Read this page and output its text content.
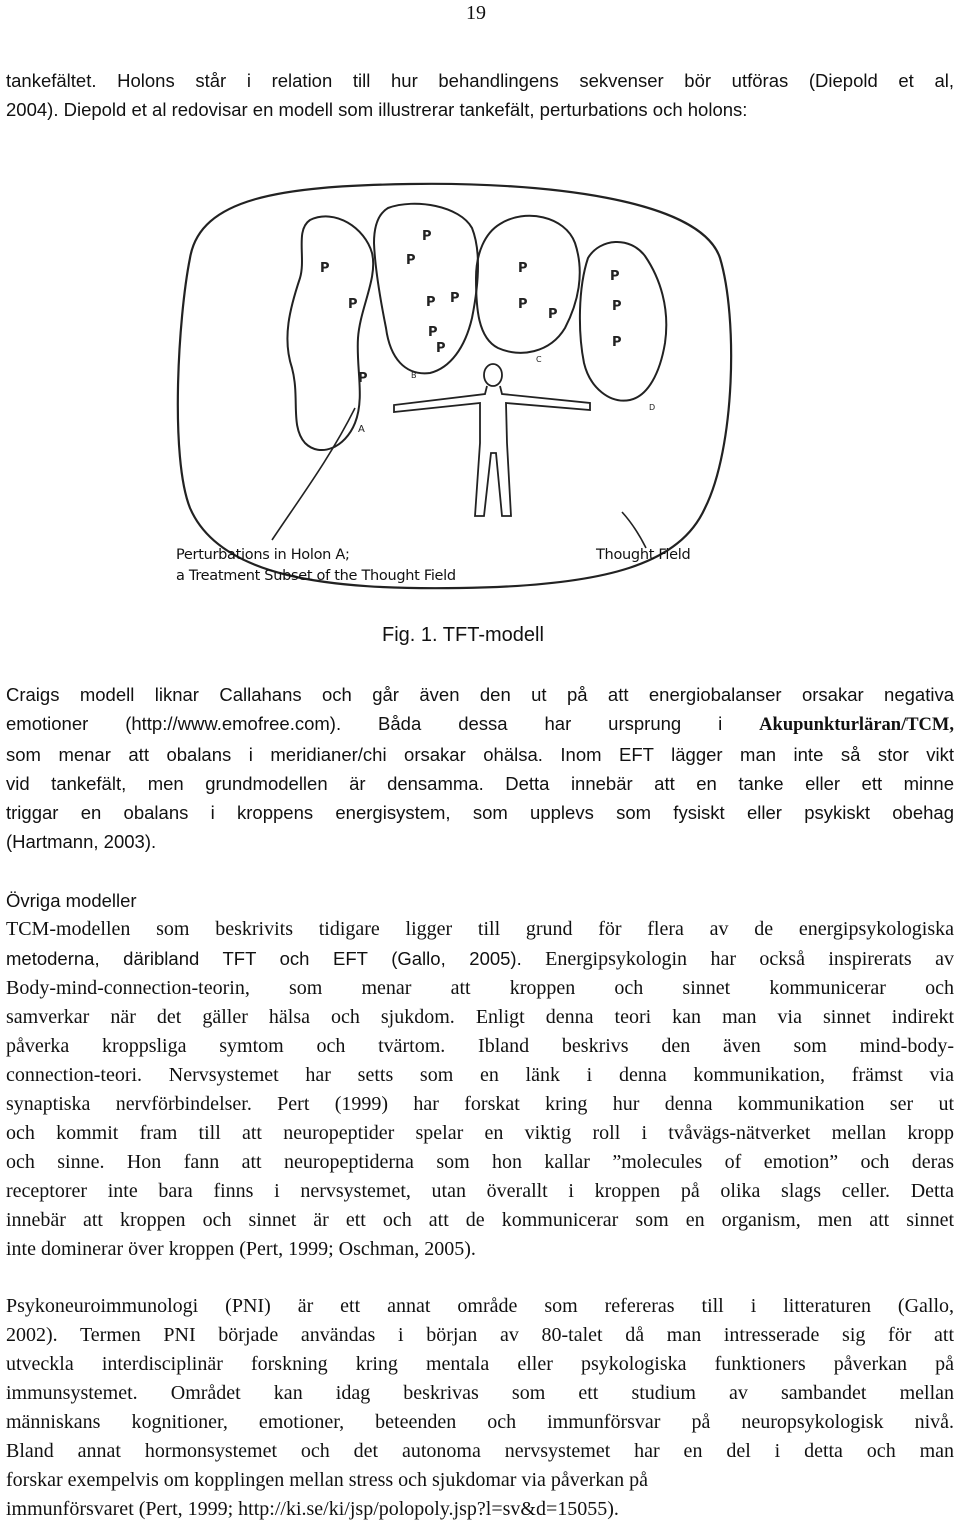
19
tankefältet. Holons står i relation till hur behandlingens sekvenser bör utföras (Diepold et al,
2004). Diepold et al redovisar en modell som illustrerar tankefält, perturbations och holons:
P
P
P
P
P
P P
P
P
P
P
P
P
P
P
A
B
C
D
Perturbations in Holon A;
a Treatment Subset of the Thought Field
Thought Field
Fig. 1. TFT-modell
Craigs modell liknar Callahans och går även den ut på att energiobalanser orsakar negativa
emotioner (http://www.emofree.com). Båda dessa har ursprung i Akupunkturläran/TCM,
som menar att obalans i meridianer/chi orsakar ohälsa. Inom EFT lägger man inte så stor vikt
vid tankefält, men grundmodellen är densamma. Detta innebär att en tanke eller ett minne
triggar en obalans i kroppens energisystem, som upplevs som fysiskt eller psykiskt obehag
(Hartmann, 2003).
Övriga modeller
TCM-modellen som beskrivits tidigare ligger till grund för flera av de energipsykologiska
metoderna, däribland TFT och EFT (Gallo, 2005). Energipsykologin har också inspirerats av
Body-mind-connection-teorin, som menar att kroppen och sinnet kommunicerar och
samverkar när det gäller hälsa och sjukdom. Enligt denna teori kan man via sinnet indirekt
påverka kroppsliga symtom och tvärtom. Ibland beskrivs den även som mind-body-
connection-teori. Nervsystemet har setts som en länk i denna kommunikation, främst via
synaptiska nervförbindelser. Pert (1999) har forskat kring hur denna kommunikation ser ut
och kommit fram till att neuropeptider spelar en viktig roll i tvåvägs-nätverket mellan kropp
och sinne. Hon fann att neuropeptiderna som hon kallar ”molecules of emotion” och deras
receptorer inte bara finns i nervsystemet, utan överallt i kroppen på olika slags celler. Detta
innebär att kroppen och sinnet är ett och att de kommunicerar som en organism, men att sinnet
inte dominerar över kroppen (Pert, 1999; Oschman, 2005).
Psykoneuroimmunologi (PNI) är ett annat område som refereras till i litteraturen (Gallo,
2002). Termen PNI började användas i början av 80-talet då man intresserade sig för att
utveckla interdisciplinär forskning kring mentala eller psykologiska funktioners påverkan på
immunsystemet. Området kan idag beskrivas som ett studium av sambandet mellan
människans kognitioner, emotioner, beteenden och immunförsvar på neuropsykologisk nivå.
Bland annat hormonsystemet och det autonoma nervsystemet har en del i detta och man
forskar exempelvis om kopplingen mellan stress och sjukdomar via påverkan på
immunförsvaret (Pert, 1999; http://ki.se/ki/jsp/polopoly.jsp?l=sv&d=15055).
